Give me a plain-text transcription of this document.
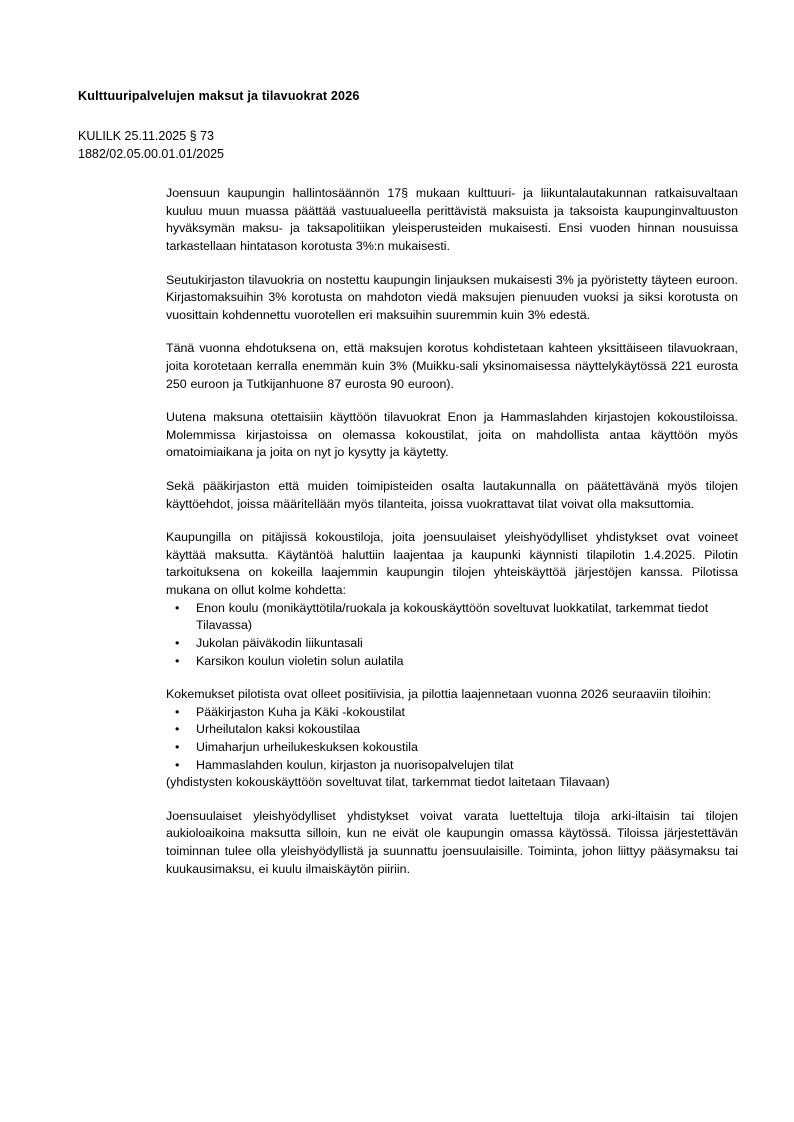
Kulttuuripalvelujen maksut ja tilavuokrat 2026
KULILK 25.11.2025 § 73
1882/02.05.00.01.01/2025

Joensuun kaupungin hallintosäännön 17§ mukaan kulttuuri- ja liikuntalautakunnan ratkaisuvaltaan kuuluu muun muassa päättää vastuualueella perittävistä maksuista ja taksoista kaupunginvaltuuston hyväksymän maksu- ja taksapolitiikan yleisperusteiden mukaisesti. Ensi vuoden hinnan nousuissa tarkastellaan hintatason korotusta 3%:n mukaisesti.

Seutukirjaston tilavuokria on nostettu kaupungin linjauksen mukaisesti 3% ja pyöristetty täyteen euroon. Kirjastomaksuihin 3% korotusta on mahdoton viedä maksujen pienuuden vuoksi ja siksi korotusta on vuosittain kohdennettu vuorotellen eri maksuihin suuremmin kuin 3% edestä.

Tänä vuonna ehdotuksena on, että maksujen korotus kohdistetaan kahteen yksittäiseen tilavuokraan, joita korotetaan kerralla enemmän kuin 3% (Muikku-sali yksinomaisessa näyttelykäytössä 221 eurosta 250 euroon ja Tutkijanhuone 87 eurosta 90 euroon).

Uutena maksuna otettaisiin käyttöön tilavuokrat Enon ja Hammaslahden kirjastojen kokoustiloissa. Molemmissa kirjastoissa on olemassa kokoustilat, joita on mahdollista antaa käyttöön myös omatoimiaikana ja joita on nyt jo kysytty ja käytetty.

Sekä pääkirjaston että muiden toimipisteiden osalta lautakunnalla on päätettävänä myös tilojen käyttöehdot, joissa määritellään myös tilanteita, joissa vuokrattavat tilat voivat olla maksuttomia.

Kaupungilla on pitäjissä kokoustiloja, joita joensuulaiset yleishyödylliset yhdistykset ovat voineet käyttää maksutta. Käytäntöä haluttiin laajentaa ja kaupunki käynnisti tilapilotin 1.4.2025. Pilotin tarkoituksena on kokeilla laajemmin kaupungin tilojen yhteiskäyttöä järjestöjen kanssa. Pilotissa mukana on ollut kolme kohdetta:

• Enon koulu (monikäyttötila/ruokala ja kokouskäyttöön soveltuvat luokkatilat, tarkemmat tiedot Tilavassa)
• Jukolan päiväkodin liikuntasali
• Karsikon koulun violetin solun aulatila

Kokemukset pilotista ovat olleet positiivisia, ja pilottia laajennetaan vuonna 2026 seuraaviin tiloihin:

• Pääkirjaston Kuha ja Käki -kokoustilat
• Urheilutalon kaksi kokoustilaa
• Uimaharjun urheilukeskuksen kokoustila
• Hammaslahden koulun, kirjaston ja nuorisopalvelujen tilat
(yhdistysten kokouskäyttöön soveltuvat tilat, tarkemmat tiedot laitetaan Tilavaan)

Joensuulaiset yleishyödylliset yhdistykset voivat varata luetteltuja tiloja arki-iltaisin tai tilojen aukioloaikoina maksutta silloin, kun ne eivät ole kaupungin omassa käytössä. Tiloissa järjestettävän toiminnan tulee olla yleishyödyllistä ja suunnattu joensuulaisille. Toiminta, johon liittyy pääsymaksu tai kuukausimaksu, ei kuulu ilmaiskäytön piiriin.
